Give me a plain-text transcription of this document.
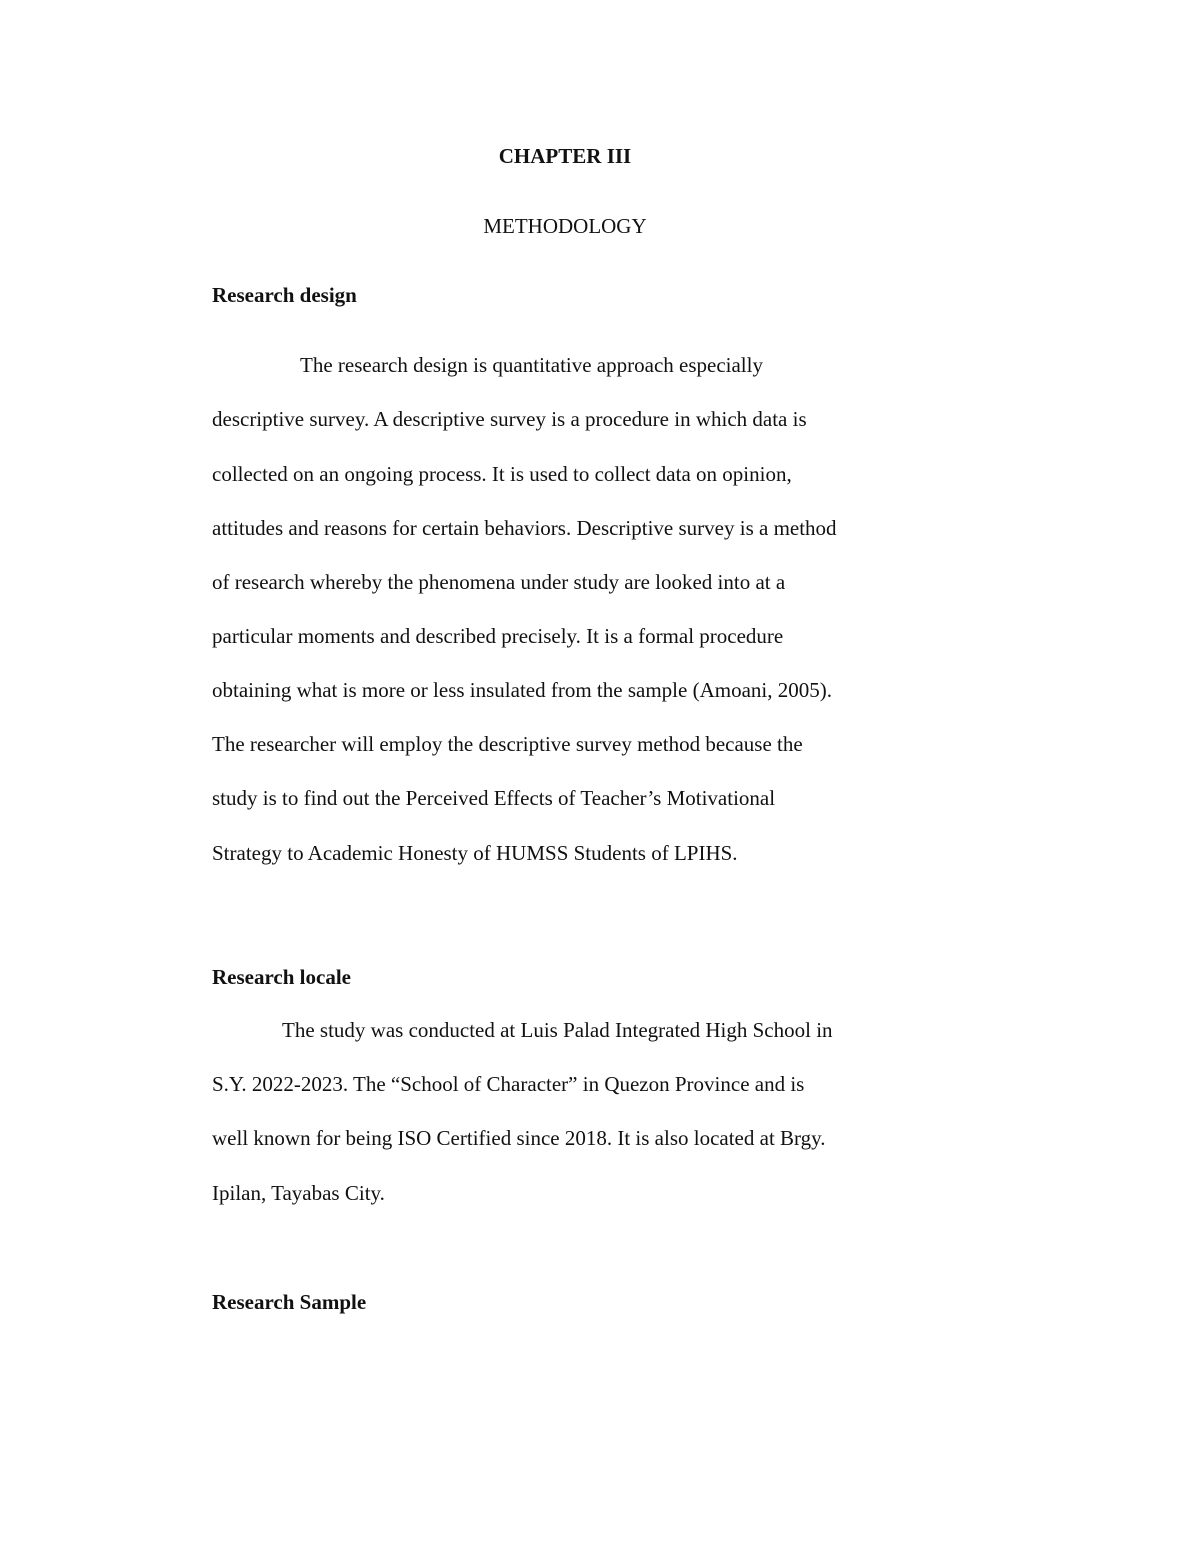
CHAPTER III
METHODOLOGY
Research design
The research design is quantitative approach especially
descriptive survey. A descriptive survey is a procedure in which data is
collected on an ongoing process. It is used to collect data on opinion,
attitudes and reasons for certain behaviors. Descriptive survey is a method
of research whereby the phenomena under study are looked into at a
particular moments and described precisely. It is a formal procedure
obtaining what is more or less insulated from the sample (Amoani, 2005).
The researcher will employ the descriptive survey method because the
study is to find out the Perceived Effects of Teacher’s Motivational
Strategy to Academic Honesty of HUMSS Students of LPIHS.
Research locale
The study was conducted at Luis Palad Integrated High School in
S.Y. 2022-2023. The “School of Character” in Quezon Province and is
well known for being ISO Certified since 2018. It is also located at Brgy.
Ipilan, Tayabas City.
Research Sample
